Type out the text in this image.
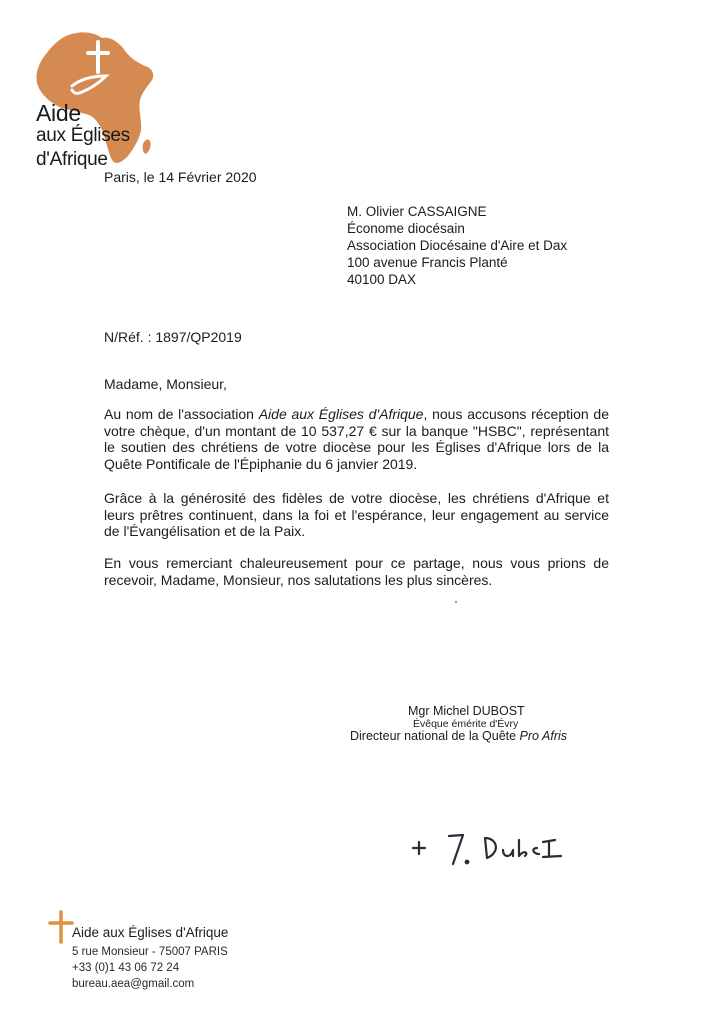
Aide
aux Églises
d'Afrique
Paris, le 14 Février 2020
M. Olivier CASSAIGNE
Économe diocésain
Association Diocésaine d'Aire et Dax
100 avenue Francis Planté
40100 DAX
N/Réf. : 1897/QP2019
Madame, Monsieur,
Au nom de l'association Aide aux Églises d'Afrique, nous accusons réception de votre chèque, d'un montant de 10 537,27 € sur la banque "HSBC", représentant le soutien des chrétiens de votre diocèse pour les Églises d'Afrique lors de la Quête Pontificale de l'Épiphanie du 6 janvier 2019.
Grâce à la générosité des fidèles de votre diocèse, les chrétiens d'Afrique et leurs prêtres continuent, dans la foi et l'espérance, leur engagement au service de l'Évangélisation et de la Paix.
En vous remerciant chaleureusement pour ce partage, nous vous prions de recevoir, Madame, Monsieur, nos salutations les plus sincères.
Mgr Michel DUBOST
Évêque émérite d'Évry
Directeur national de la Quête Pro Afris
Aide aux Églises d'Afrique
5 rue Monsieur - 75007 PARIS
+33 (0)1 43 06 72 24
bureau.aea@gmail.com
